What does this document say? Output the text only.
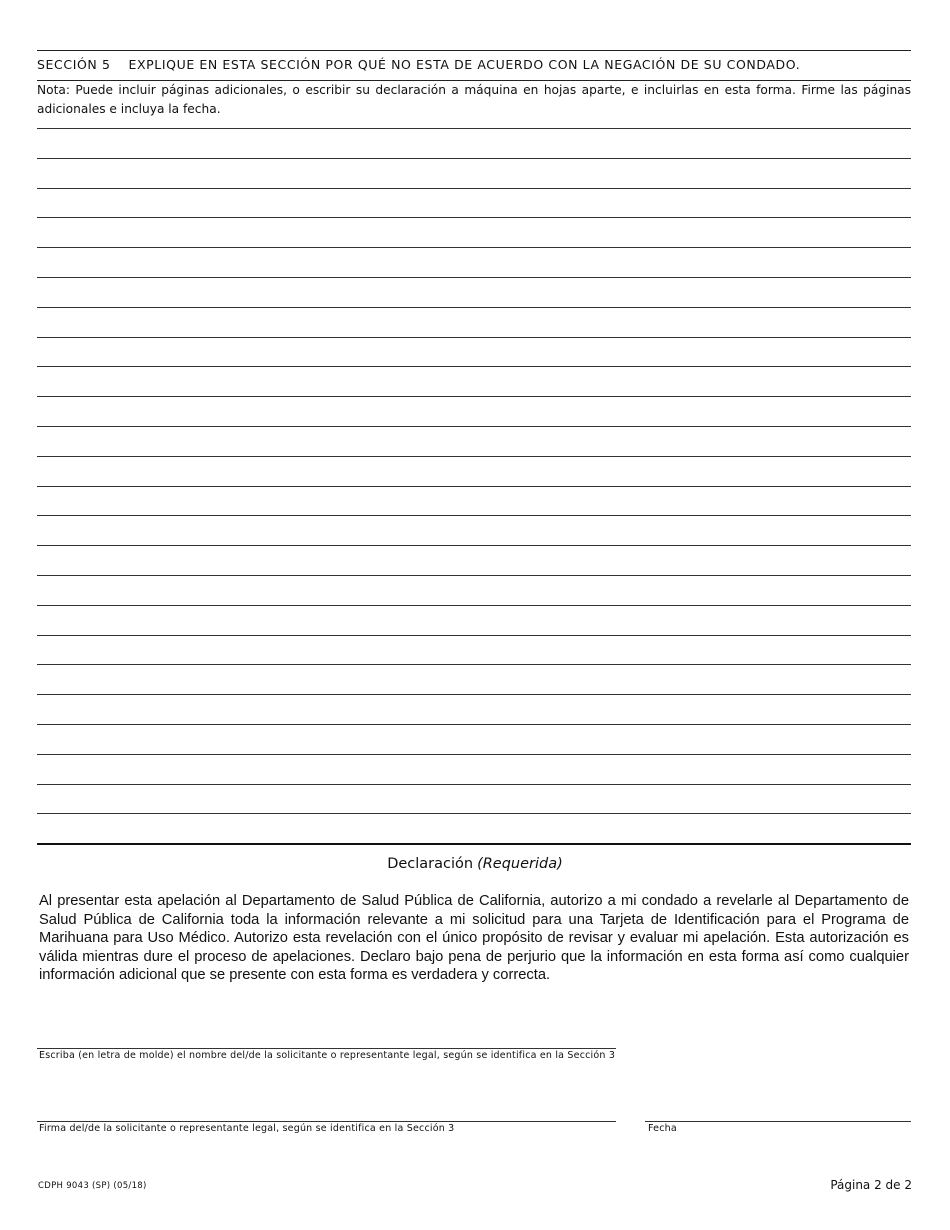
SECCIÓN 5 EXPLIQUE EN ESTA SECCIÓN POR QUÉ NO ESTA DE ACUERDO CON LA NEGACIÓN DE SU CONDADO.
Nota: Puede incluir páginas adicionales, o escribir su declaración a máquina en hojas aparte, e incluirlas en esta forma. Firme las páginas adicionales e incluya la fecha.
Declaración (Requerida)
Al presentar esta apelación al Departamento de Salud Pública de California, autorizo a mi condado a revelarle al Departamento de Salud Pública de California toda la información relevante a mi solicitud para una Tarjeta de Identificación para el Programa de Marihuana para Uso Médico. Autorizo esta revelación con el único propósito de revisar y evaluar mi apelación. Esta autorización es válida mientras dure el proceso de apelaciones. Declaro bajo pena de perjurio que la información en esta forma así como cualquier información adicional que se presente con esta forma es verdadera y correcta.
Escriba (en letra de molde) el nombre del/de la solicitante o representante legal, según se identifica en la Sección 3
Firma del/de la solicitante o representante legal, según se identifica en la Sección 3	Fecha
CDPH 9043 (SP) (05/18)	Página 2 de 2
